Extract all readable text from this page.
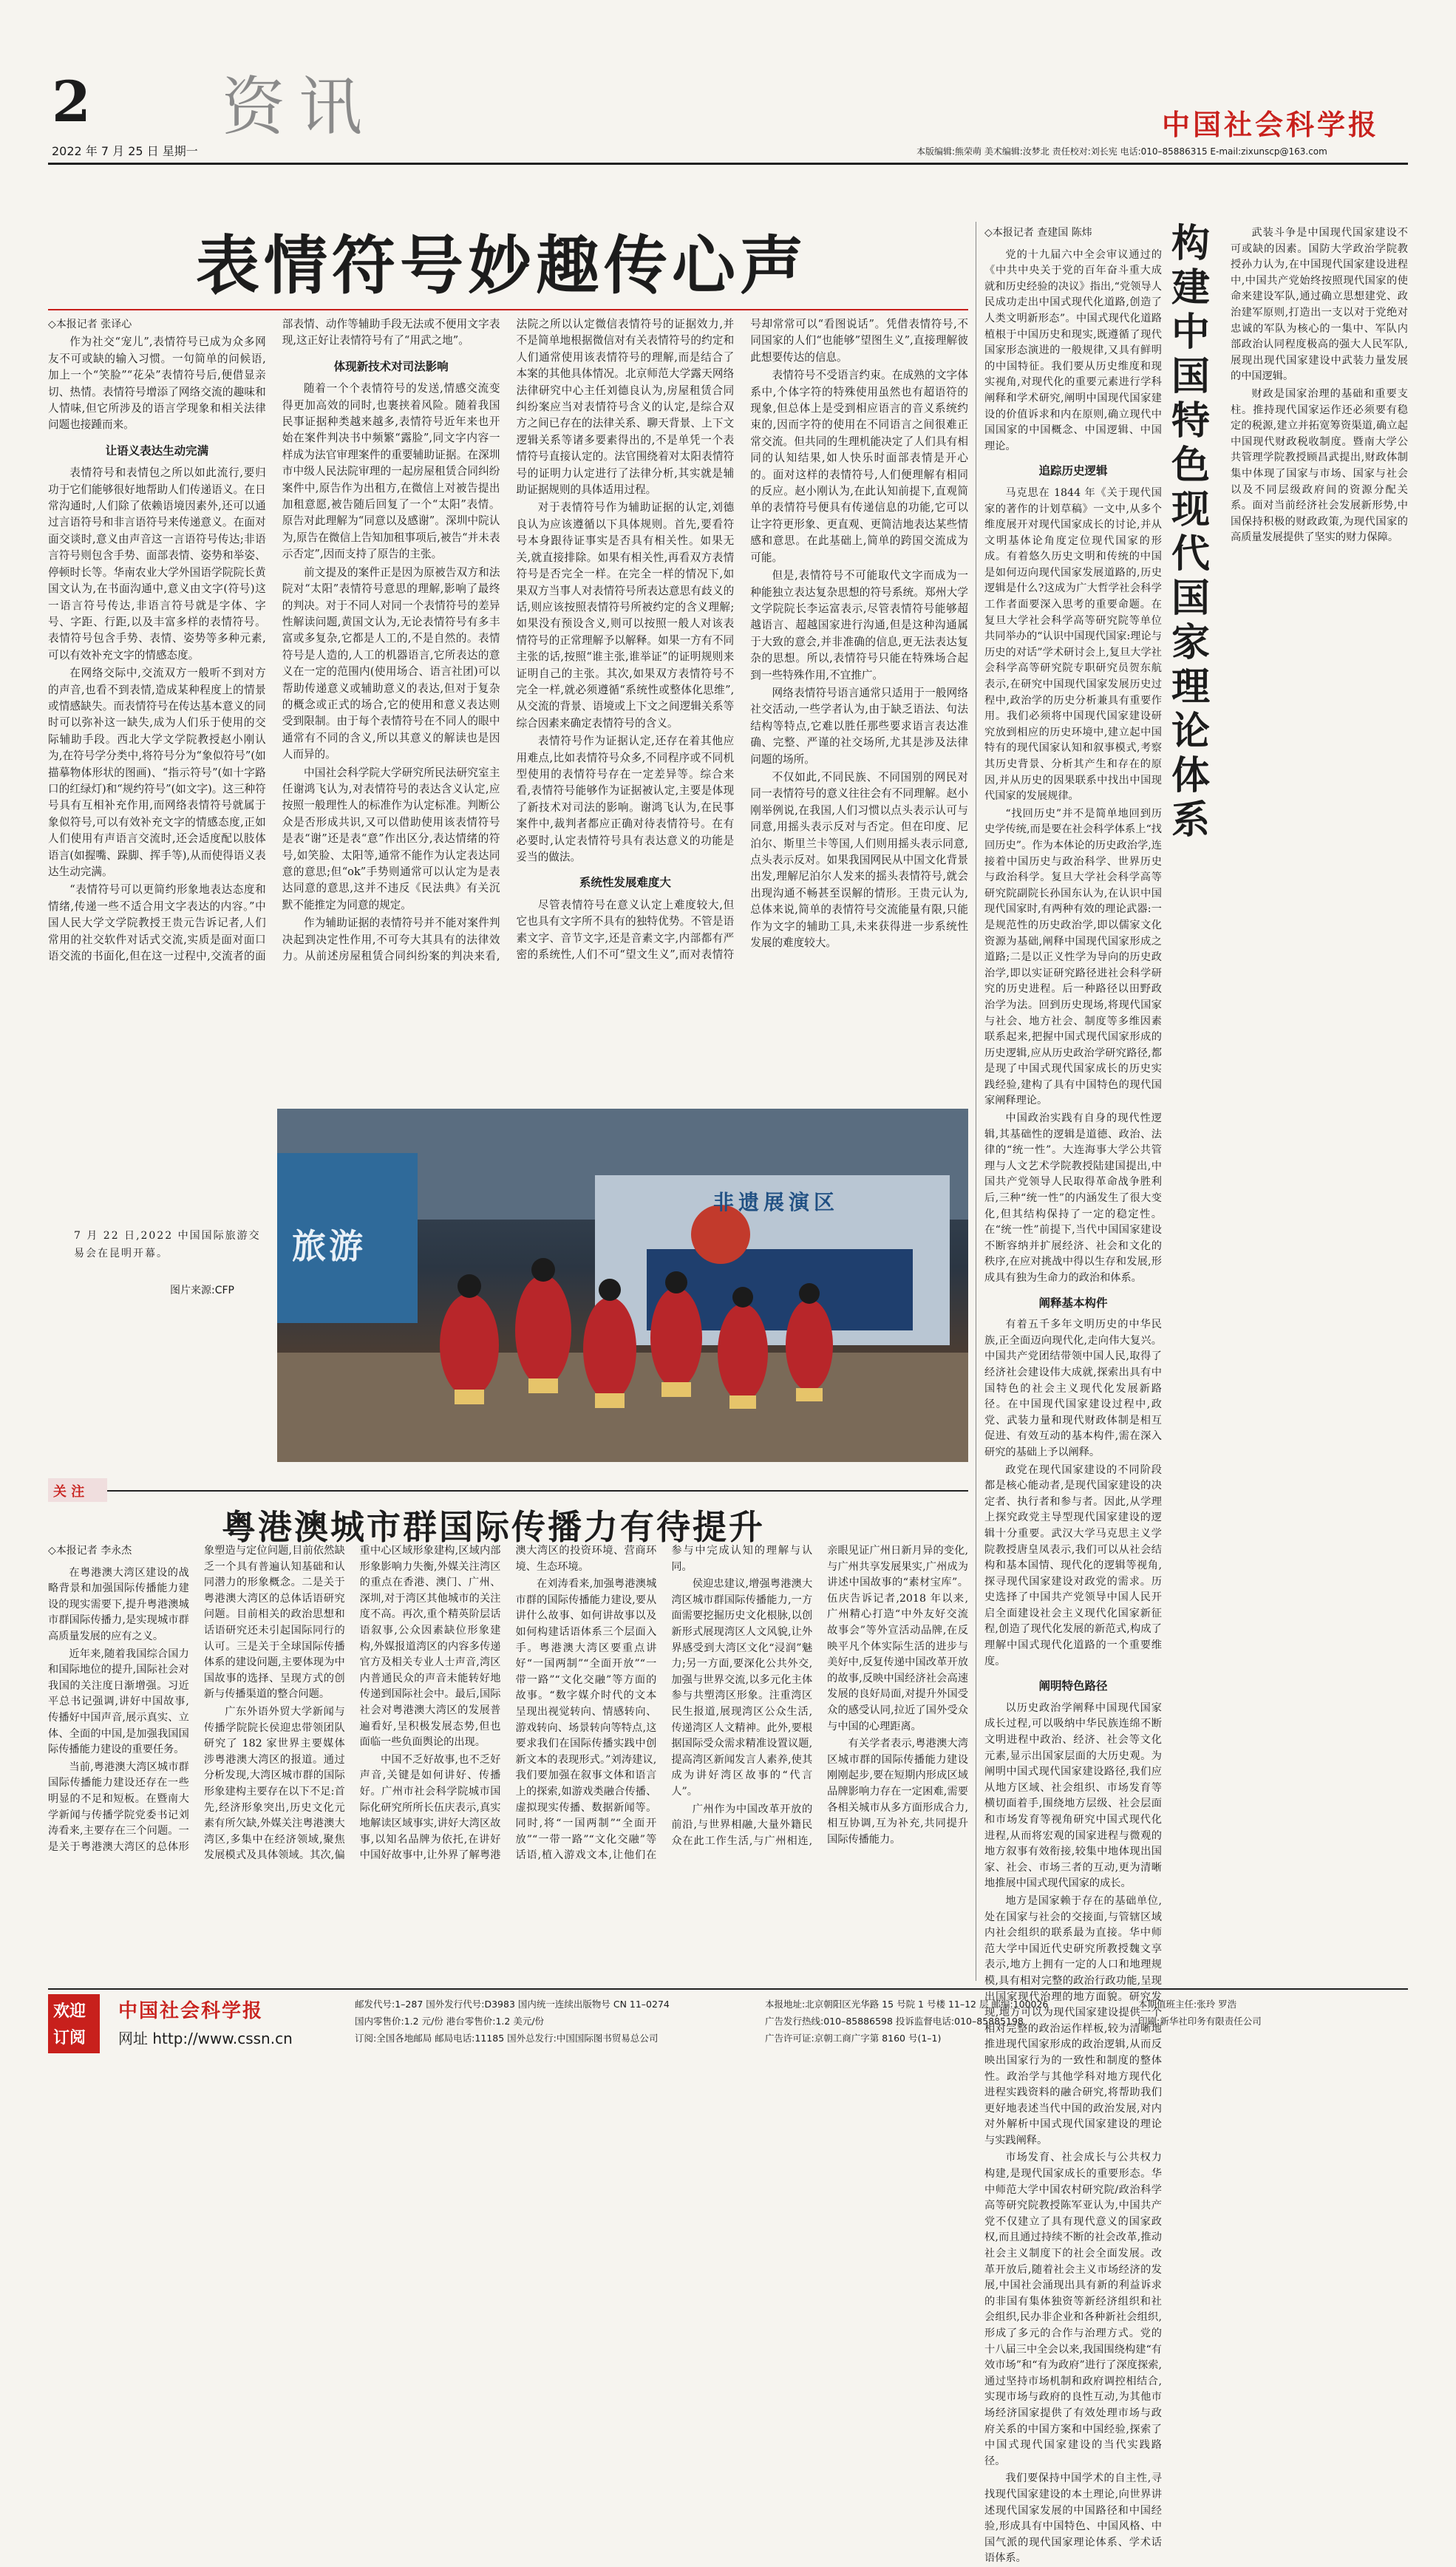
2 资讯
2022 年 7 月 25 日 星期一
中国社会科学报
本版编辑:熊荣萌 美术编辑:汝梦北 责任校对:刘长宪 电话:010–85886315 E-mail:zixunscp@163.com
表情符号妙趣传心声

◇本报记者 张译心

作为社交“宠儿”,表情符号已成为众多网友不可或缺的输入习惯。一句简单的问候语,加上一个“笑脸”“花朵”表情符号后,便借显亲切、热情。表情符号增添了网络交流的趣味和人情味,但它所涉及的语言学现象和相关法律问题也接踵而来。

让语义表达生动完满

表情符号和表情包之所以如此流行,要归功于它们能够很好地帮助人们传递语义。在日常沟通时,人们除了依赖语境因素外,还可以通过言语符号和非言语符号来传递意义。在面对面交谈时,意义由声音这一言语符号传达;非语言符号则包含手势、面部表情、姿势和举姿、停顿时长等。华南农业大学外国语学院院长黄国文认为,在书面沟通中,意义由文字(符号)这一语言符号传达,非语言符号就是字体、字号、字距、行距,以及丰富多样的表情符号。表情符号包含手势、表情、姿势等多种元素,可以有效补充文字的情感态度。

在网络交际中,交流双方一般听不到对方的声音,也看不到表情,造成某种程度上的情景或情感缺失。而表情符号在传达基本意义的同时可以弥补这一缺失,成为人们乐于使用的交际辅助手段。西北大学文学院教授赵小刚认为,在符号学分类中,将符号分为“象似符号”(如描摹物体形状的图画)、“指示符号”(如十字路口的红绿灯)和“规约符号”(如文字)。这三种符号具有互相补充作用,而网络表情符号就属于象似符号,可以有效补充文字的情感态度,正如人们使用有声语言交流时,还会适度配以肢体语言(如握嘴、跺脚、挥手等),从而使得语义表达生动完满。

“表情符号可以更简约形象地表达态度和情绪,传递一些不适合用文字表达的内容。”中国人民大学文学院教授王贵元告诉记者,人们常用的社交软件对话式交流,实质是面对面口语交流的书面化,但在这一过程中,交流者的面部表情、动作等辅助手段无法或不便用文字表现,这正好让表情符号有了“用武之地”。

体现新技术对司法影响

随着一个个表情符号的发送,情感交流变得更加高效的同时,也裹挟着风险。随着我国民事证据种类越来越多,表情符号近年来也开始在案件判决书中频繁“露脸”,同文字内容一样成为法官审理案件的重要辅助证据。在深圳市中级人民法院审理的一起房屋租赁合同纠纷案件中,原告作为出租方,在微信上对被告提出加租意愿,被告随后回复了一个“太阳”表情。原告对此理解为“同意以及感谢”。深圳中院认为,原告在微信上告知加租事项后,被告“并未表示否定”,因而支持了原告的主张。

前文提及的案件正是因为原被告双方和法院对“太阳”表情符号意思的理解,影响了最终的判决。对于不同人对同一个表情符号的差异性解读问题,黄国文认为,无论表情符号有多丰富或多复杂,它都是人工的,不是自然的。表情符号是人造的,人工的机器语言,它所表达的意义在一定的范围内(使用场合、语言社团)可以帮助传递意义或辅助意义的表达,但对于复杂的概念或正式的场合,它的使用和意义表达则受到限制。由于每个表情符号在不同人的眼中通常有不同的含义,所以其意义的解读也是因人而异的。

中国社会科学院大学研究所民法研究室主任谢鸿飞认为,对表情符号的表达含义认定,应按照一般理性人的标准作为认定标准。判断公众是否形成共识,又可以借助使用该表情符号是表“谢”还是表“意”作出区分,表达情绪的符号,如笑脸、太阳等,通常不能作为认定表达同意的意思;但“ok”手势则通常可以认定为是表达同意的意思,这并不违反《民法典》有关沉默不能推定为同意的规定。

作为辅助证据的表情符号并不能对案件判决起到决定性作用,不可夸大其具有的法律效力。从前述房屋租赁合同纠纷案的判决来看,法院之所以认定微信表情符号的证据效力,并不是简单地根据微信对有关表情符号的约定和人们通常使用该表情符号的理解,而是结合了本案的其他具体情况。北京师范大学露天网络法律研究中心主任刘德良认为,房屋租赁合同纠纷案应当对表情符号含义的认定,是综合双方之间已存在的法律关系、聊天背景、上下文逻辑关系等诸多要素得出的,不是单凭一个表情符号直接认定的。法官围绕着对太阳表情符号的证明力认定进行了法律分析,其实就是辅助证据规则的具体适用过程。

对于表情符号作为辅助证据的认定,刘德良认为应该遵循以下具体规则。首先,要看符号本身跟待证事实是否具有相关性。如果无关,就直接排除。如果有相关性,再看双方表情符号是否完全一样。在完全一样的情况下,如果双方当事人对表情符号所表达意思有歧义的话,则应该按照表情符号所被约定的含义理解;如果没有预设含义,则可以按照一般人对该表情符号的正常理解予以解释。如果一方有不同主张的话,按照“谁主张,谁举证”的证明规则来证明自己的主张。其次,如果双方表情符号不完全一样,就必须遵循“系统性或整体化思维”,从交流的背景、语境或上下文之间逻辑关系等综合因素来确定表情符号的含义。

表情符号作为证据认定,还存在着其他应用难点,比如表情符号众多,不同程序或不同机型使用的表情符号存在一定差异等。综合来看,表情符号能够作为证据被认定,主要是体现了新技术对司法的影响。谢鸿飞认为,在民事案件中,裁判者都应正确对待表情符号。在有必要时,认定表情符号具有表达意义的功能是妥当的做法。

系统性发展难度大

尽管表情符号在意义认定上难度较大,但它也具有文字所不具有的独特优势。不管是语素文字、音节文字,还是音素文字,内部都有严密的系统性,人们不可“望文生义”,而对表情符号却常常可以“看图说话”。凭借表情符号,不同国家的人们“也能够”望图生义”,直接理解彼此想要传达的信息。

表情符号不受语言约束。在成熟的文字体系中,个体字符的特殊使用虽然也有超语符的现象,但总体上是受到相应语言的音义系统约束的,因而字符的使用在不同语言之间很难正常交流。但共同的生理机能决定了人们具有相同的认知结果,如人快乐时面部表情是开心的。面对这样的表情符号,人们便理解有相同的反应。赵小刚认为,在此认知前提下,直观简单的表情符号便具有传递信息的功能,它可以让字符更形象、更直观、更简洁地表达某些情感和意思。在此基础上,简单的跨国交流成为可能。

但是,表情符号不可能取代文字而成为一种能独立表达复杂思想的符号系统。郑州大学文学院院长李运富表示,尽管表情符号能够超越语言、超越国家进行沟通,但是这种沟通属于大致的意会,并非准确的信息,更无法表达复杂的思想。所以,表情符号只能在特殊场合起到一些特殊作用,不宜推广。

网络表情符号语言通常只适用于一般网络社交活动,一些学者认为,由于缺乏语法、句法结构等特点,它难以胜任那些要求语言表达准确、完整、严谨的社交场所,尤其是涉及法律问题的场所。

不仅如此,不同民族、不同国别的网民对同一表情符号的意义往往会有不同理解。赵小刚举例说,在我国,人们习惯以点头表示认可与同意,用摇头表示反对与否定。但在印度、尼泊尔、斯里兰卡等国,人们则用摇头表示同意,点头表示反对。如果我国网民从中国文化背景出发,理解尼泊尔人发来的摇头表情符号,就会出现沟通不畅甚至误解的情形。王贵元认为,总体来说,简单的表情符号交流能量有限,只能作为文字的辅助工具,未来获得进一步系统性发展的难度较大。

7 月 22 日,2022 中国国际旅游交易会在昆明开幕。
图片来源:CFP
旅游
非遗展演区
关 注
粤港澳城市群国际传播力有待提升

◇本报记者 李永杰

在粤港澳大湾区建设的战略背景和加强国际传播能力建设的现实需要下,提升粤港澳城市群国际传播力,是实现城市群高质量发展的应有之义。

近年来,随着我国综合国力和国际地位的提升,国际社会对我国的关注度日渐增强。习近平总书记强调,讲好中国故事,传播好中国声音,展示真实、立体、全面的中国,是加强我国国际传播能力建设的重要任务。

当前,粤港澳大湾区城市群国际传播能力建设还存在一些明显的不足和短板。在暨南大学新闻与传播学院党委书记刘涛看来,主要存在三个问题。一是关于粤港澳大湾区的总体形象塑造与定位问题,目前依然缺乏一个具有普遍认知基础和认同潜力的形象概念。二是关于粤港澳大湾区的总体话语研究问题。目前相关的政治思想和话语研究还未引起国际同行的认可。三是关于全球国际传播体系的建设问题,主要体现为中国故事的选择、呈现方式的创新与传播渠道的整合问题。

广东外语外贸大学新闻与传播学院院长侯迎忠带领团队研究了 182 家世界主要媒体涉粤港澳大湾区的报道。通过分析发现,大湾区城市群的国际形象建构主要存在以下不足:首先,经济形象突出,历史文化元素有所欠缺,外媒关注粤港澳大湾区,多集中在经济领域,聚焦发展模式及具体领域。其次,偏重中心区域形象建构,区域内部形象影响力失衡,外媒关注湾区的重点在香港、澳门、广州、深圳,对于湾区其他城市的关注度不高。再次,重个精英阶层话语叙事,公众因素缺位形象建构,外媒报道湾区的内容多传递官方及相关专业人士声音,湾区内普通民众的声音未能转好地传递到国际社会中。最后,国际社会对粤港澳大湾区的发展普遍看好,呈积极发展态势,但也面临一些负面舆论的出现。

中国不乏好故事,也不乏好声音,关键是如何讲好、传播好。广州市社会科学院城市国际化研究所所长伍庆表示,真实地解读区域事实,讲好大湾区故事,以知名品牌为依托,在讲好中国好故事中,让外界了解粤港澳大湾区的投资环境、营商环境、生态环境。

在刘涛看来,加强粤港澳城市群的国际传播能力建设,要从讲什么故事、如何讲故事以及如何构建话语体系三个层面入手。粤港澳大湾区要重点讲好“一国两制”“全面开放”“一带一路”“文化交融”等方面的故事。“数字媒介时代的文本呈现出视觉转向、情感转向、游戏转向、场景转向等特点,这要求我们在国际传播实践中创新文本的表现形式。”刘涛建议,我们要加强在叙事文体和语言上的探索,如游戏类融合传播、虚拟现实传播、数据新闻等。同时,将“一国两制”“全面开放”“一带一路”“文化交融”等话语,植入游戏文本,让他们在参与中完成认知的理解与认同。

侯迎忠建议,增强粤港澳大湾区城市群国际传播能力,一方面需要挖掘历史文化根脉,以创新形式展现湾区人文风貌,让外界感受到大湾区文化“浸润”魅力;另一方面,要深化公共外交,加强与世界交流,以多元化主体参与共塑湾区形象。注重湾区民生报道,展现湾区公众生活,传递湾区人文精神。此外,要根据国际受众需求精准设置议题,提高湾区新闻发言人素养,使其成为讲好湾区故事的“代言人”。

广州作为中国改革开放的前沿,与世界相融,大量外籍民众在此工作生活,与广州相连,亲眼见证广州日新月异的变化,与广州共享发展果实,广州成为讲述中国故事的“素材宝库”。伍庆告诉记者,2018 年以来,广州精心打造“中外友好交流故事会”等外宣活动品牌,在反映平凡个体实际生活的进步与美好中,反复传递中国改革开放的故事,反映中国经济社会高速发展的良好局面,对提升外国受众的感受认同,拉近了国外受众与中国的心理距离。

有关学者表示,粤港澳大湾区城市群的国际传播能力建设刚刚起步,要在短期内形成区域品牌影响力存在一定困难,需要各相关城市从多方面形成合力,相互协调,互为补充,共同提升国际传播能力。

构建中国特色现代国家理论体系

◇本报记者 查建国 陈炜

党的十九届六中全会审议通过的《中共中央关于党的百年奋斗重大成就和历史经验的决议》指出,“党领导人民成功走出中国式现代化道路,创造了人类文明新形态”。中国式现代化道路植根于中国历史和现实,既遵循了现代国家形态演进的一般规律,又具有鲜明的中国特征。我们要从历史维度和现实视角,对现代化的重要元素进行学科阐释和学术研究,阐明中国现代国家建设的价值诉求和内在原则,确立现代中国国家的中国概念、中国逻辑、中国理论。

追踪历史逻辑

马克思在 1844 年《关于现代国家的著作的计划草稿》一文中,从多个维度展开对现代国家成长的讨论,并从文明基体论角度定位现代国家的形成。有着悠久历史文明和传统的中国是如何迈向现代国家发展道路的,历史逻辑是什么?这成为广大哲学社会科学工作者面要深入思考的重要命题。在复旦大学社会科学高等研究院等单位共同举办的“认识中国现代国家:理论与历史的对话”学术研讨会上,复旦大学社会科学高等研究院专职研究员贺东航表示,在研究中国现代国家发展历史过程中,政治学的历史分析兼具有重要作用。我们必须将中国现代国家建设研究放到相应的历史环境中,建立起中国特有的现代国家认知和叙事模式,考察其历史背景、分析其产生和存在的原因,并从历史的因果联系中找出中国现代国家的发展规律。

“找回历史”并不是简单地回到历史学传统,而是要在社会科学体系上“找回历史”。作为本体论的历史政治学,连接着中国历史与政治科学、世界历史与政治科学。复旦大学社会科学高等研究院副院长孙国东认为,在认识中国现代国家时,有两种有效的理论武器:一是规范性的历史政治学,即以儒家文化资源为基础,阐释中国现代国家形成之道路;二是以正义性学为导向的历史政治学,即以实证研究路径进社会科学研究的历史进程。后一种路径以田野政治学为法。回到历史现场,将现代国家与社会、地方社会、制度等多维因素联系起来,把握中国式现代国家形成的历史逻辑,应从历史政治学研究路径,都是现了中国式现代国家成长的历史实践经验,建构了具有中国特色的现代国家阐释理论。

中国政治实践有自身的现代性逻辑,其基础性的逻辑是道德、政治、法律的“统一性”。大连海事大学公共管理与人文艺术学院教授陆建国提出,中国共产党领导人民取得革命战争胜利后,三种“统一性”的内涵发生了很大变化,但其结构保持了一定的稳定性。在“统一性”前提下,当代中国国家建设不断容纳并扩展经济、社会和文化的秩序,在应对挑战中得以生存和发展,形成具有独为生命力的政治和体系。

阐释基本构件

有着五千多年文明历史的中华民族,正全面迈向现代化,走向伟大复兴。中国共产党团结带领中国人民,取得了经济社会建设伟大成就,探索出具有中国特色的社会主义现代化发展新路径。在中国现代国家建设过程中,政党、武装力量和现代财政体制是相互促进、有效互动的基本构件,需在深入研究的基础上予以阐释。

政党在现代国家建设的不同阶段都是核心能动者,是现代国家建设的决定者、执行者和参与者。因此,从学理上探究政党主导型现代国家建设的逻辑十分重要。武汉大学马克思主义学院教授唐皇凤表示,我们可以从社会结构和基本国情、现代化的逻辑等视角,探寻现代国家建设对政党的需求。历史选择了中国共产党领导中国人民开启全面建设社会主义现代化国家新征程,创造了现代化发展的新范式,构成了理解中国式现代化道路的一个重要维度。

阐明特色路径

以历史政治学阐释中国现代国家成长过程,可以吸纳中华民族连绵不断文明进程中政治、经济、社会等文化元素,显示出国家层面的大历史观。为阐明中国式现代国家建设路径,我们应从地方区域、社会组织、市场发育等横切面着手,围绕地方层级、社会层面和市场发育等视角研究中国式现代化进程,从而将宏观的国家进程与微观的地方叙事有效衔接,较集中地体现出国家、社会、市场三者的互动,更为清晰地推展中国式现代国家的成长。

地方是国家赖于存在的基础单位,处在国家与社会的交接面,与管辖区域内社会组织的联系最为直接。华中师范大学中国近代史研究所教授魏文享表示,地方上拥有一定的人口和地理规模,具有相对完整的政治行政功能,呈现出国家现代治理的地方面貌。研究发现,地方可以为现代国家建设提供一个相对完整的政治运作样板,较为清晰地推进现代国家形成的政治逻辑,从而反映出国家行为的一致性和制度的整体性。政治学与其他学科对地方现代化进程实践资料的融合研究,将帮助我们更好地表述当代中国的政治发展,对内对外解析中国式现代国家建设的理论与实践阐释。

市场发育、社会成长与公共权力构建,是现代国家成长的重要形态。华中师范大学中国农村研究院/政治科学高等研究院教授陈军亚认为,中国共产党不仅建立了具有现代意义的国家政权,而且通过持续不断的社会改革,推动社会主义制度下的社会全面发展。改革开放后,随着社会主义市场经济的发展,中国社会涌现出具有新的利益诉求的非国有集体独资等新经济组织和社会组织,民办非企业和各种新社会组织,形成了多元的合作与治理方式。党的十八届三中全会以来,我国围绕构建“有效市场”和“有为政府”进行了深度探索,通过坚持市场机制和政府调控相结合,实现市场与政府的良性互动,为其他市场经济国家提供了有效处理市场与政府关系的中国方案和中国经验,探索了中国式现代国家建设的当代实践路径。

我们要保持中国学术的自主性,寻找现代国家建设的本土理论,向世界讲述现代国家发展的中国路径和中国经验,形成具有中国特色、中国风格、中国气派的现代国家理论体系、学术话语体系。

武装斗争是中国现代国家建设不可或缺的因素。国防大学政治学院教授孙力认为,在中国现代国家建设进程中,中国共产党始终按照现代国家的使命来建设军队,通过确立思想建党、政治建军原则,打造出一支以对于党绝对忠诚的军队为核心的一集中、军队内部政治认同程度极高的强大人民军队,展现出现代国家建设中武装力量发展的中国逻辑。

财政是国家治理的基础和重要支柱。推持现代国家运作还必须要有稳定的税源,建立并拓宽筹资渠道,确立起中国现代财政税收制度。暨南大学公共管理学院教授顾昌武提出,财政体制集中体现了国家与市场、国家与社会以及不同层级政府间的资源分配关系。面对当前经济社会发展新形势,中国保持积极的财政政策,为现代国家的高质量发展提供了坚实的财力保障。

欢迎
订阅
中国社会科学报
网址 http://www.cssn.cn
邮发代号:1–287 国外发行代号:D3983 国内统一连续出版物号 CN 11–0274
国内零售价:1.2 元/份 港台零售价:1.2 美元/份
订阅:全国各地邮局 邮局电话:11185 国外总发行:中国国际图书贸易总公司
本报地址:北京朝阳区光华路 15 号院 1 号楼 11–12 层 邮编:100026
广告发行热线:010–85886598 投诉监督电话:010–85885198
广告许可证:京朝工商广字第 8160 号(1–1)
本期值班主任:张玲 罗浩
印刷:新华社印务有限责任公司
